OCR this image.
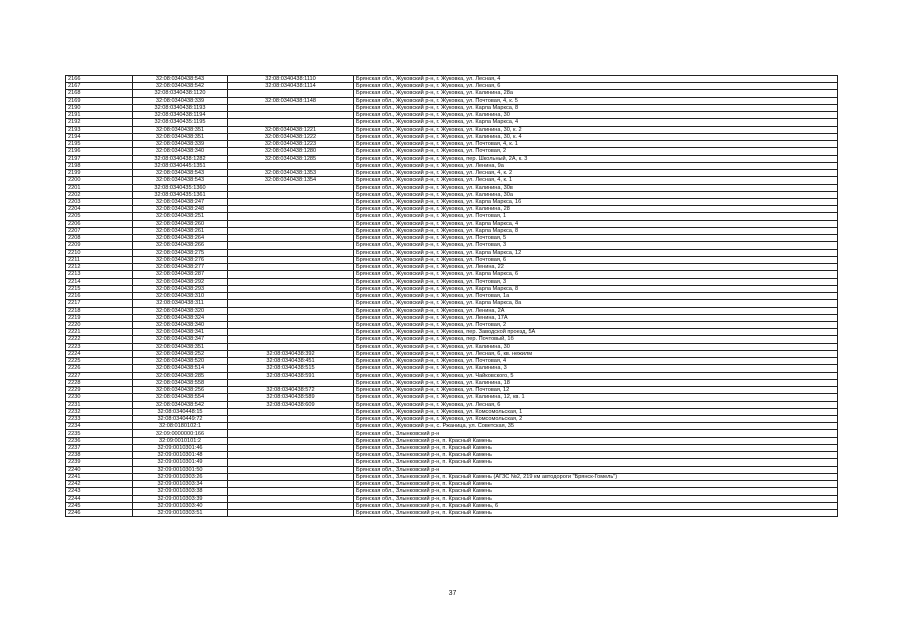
2166	32:08:0340438:543	32:08:0340438:1110	Брянская обл., Жуковский р-н, г. Жуковка, ул. Лесная, 4
2167	32:08:0340438:542	32:08:0340438:1114	Брянская обл., Жуковский р-н, г. Жуковка, ул. Лесная, 6
2168	32:08:0340438:1120		Брянская обл., Жуковский р-н, г. Жуковка, ул. Калинина, 28а
2169	32:08:0340438:339	32:08:0340438:1148	Брянская обл., Жуковский р-н, г. Жуковка, ул. Почтовая, 4, к. 5
2190	32:08:0340438:1193		Брянская обл., Жуковский р-н, г. Жуковка, ул. Карла Маркса, 8
2191	32:08:0340438:1194		Брянская обл., Жуковский р-н, г. Жуковка, ул. Калинина, 30
2192	32:08:0340435:1195		Брянская обл., Жуковский р-н, г. Жуковка, ул. Карла Маркса, 4
2193	32:08:0340438:351	32:08:0340438:1221	Брянская обл., Жуковский р-н, г. Жуковка, ул. Калинина, 30, к. 2
2194	32:08:0340438:351	32:08:0340438:1222	Брянская обл., Жуковский р-н, г. Жуковка, ул. Калинина, 30, к. 4
2195	32:08:0340438:339	32:08:0340438:1223	Брянская обл., Жуковский р-н, г. Жуковка, ул. Почтовая, 4, к. 1
2196	32:08:0340438:340	32:08:0340438:1280	Брянская обл., Жуковский р-н, г. Жуковка, ул. Почтовая, 2
2197	32:08:0340438:1282	32:08:0340438:1285	Брянская обл., Жуковский р-н, г. Жуковка, пер. Школьный, 2А, к. 3
2198	32:08:0340445:1351		Брянская обл., Жуковский р-н, г. Жуковка, ул. Ленина, 9а
2199	32:08:0340438:543	32:08:0340438:1353	Брянская обл., Жуковский р-н, г. Жуковка, ул. Лесная, 4, к. 2
2200	32:08:0340438:543	32:08:0340438:1354	Брянская обл., Жуковский р-н, г. Жуковка, ул. Лесная, 4, к. 1
2201	32:08:0340435:1360		Брянская обл., Жуковский р-н, г. Жуковка, ул. Калинина, 30в
2202	32:08:0340435:1361		Брянская обл., Жуковский р-н, г. Жуковка, ул. Калинина, 30а
2203	32:08:0340438:247		Брянская обл., Жуковский р-н, г. Жуковка, ул. Карла Маркса, 16
2204	32:08:0340438:248		Брянская обл., Жуковский р-н, г. Жуковка, ул. Калинина, 28
2205	32:08:0340438:251		Брянская обл., Жуковский р-н, г. Жуковка, ул. Почтовая, 1
2206	32:08:0340438:260		Брянская обл., Жуковский р-н, г. Жуковка, ул. Карла Маркса, 4
2207	32:08:0340438:261		Брянская обл., Жуковский р-н, г. Жуковка, ул. Карла Маркса, 8
2208	32:08:0340438:264		Брянская обл., Жуковский р-н, г. Жуковка, ул. Почтовая, 5
2209	32:08:0340438:266		Брянская обл., Жуковский р-н, г. Жуковка, ул. Почтовая, 3
2210	32:08:0340438:275		Брянская обл., Жуковский р-н, г. Жуковка, ул. Карла Маркса, 12
2211	32:08:0340438:276		Брянская обл., Жуковский р-н, г. Жуковка, ул. Почтовая, 6
2212	32:08:0340438:277		Брянская обл., Жуковский р-н, г. Жуковка, ул. Ленина, 22
2213	32:08:0340438:287		Брянская обл., Жуковский р-н, г. Жуковка, ул. Карла Маркса, 6
2214	32:08:0340438:292		Брянская обл., Жуковский р-н, г. Жуковка, ул. Почтовая, 3
2215	32:08:0340438:293		Брянская обл., Жуковский р-н, г. Жуковка, ул. Карла Маркса, 8
2216	32:08:0340438:310		Брянская обл., Жуковский р-н, г. Жуковка, ул. Почтовая, 1а
2217	32:08:0340438:311		Брянская обл., Жуковский р-н, г. Жуковка, ул. Карла Маркса, 8а
2218	32:08:0340438:320		Брянская обл., Жуковский р-н, г. Жуковка, ул. Ленина, 2А
2219	32:08:0340438:324		Брянская обл., Жуковский р-н, г. Жуковка, ул. Ленина, 17А
2220	32:08:0340438:340		Брянская обл., Жуковский р-н, г. Жуковка, ул. Почтовая, 2
2221	32:08:0340438:341		Брянская обл., Жуковский р-н, г. Жуковка, пер. Заводской проезд, 5А
2222	32:08:0340438:347		Брянская обл., Жуковский р-н, г. Жуковка, пер. Почтовый, 1б
2223	32:08:0340438:351		Брянская обл., Жуковский р-н, г. Жуковка, ул. Калинина, 30
2224	32:08:0340438:252	32:08:0340438:392	Брянская обл., Жуковский р-н, г. Жуковка, ул. Лесная, 6, кв. нежилм
2225	32:08:0340438:520	32:08:0340438:451	Брянская обл., Жуковский р-н, г. Жуковка, ул. Почтовая, 4
2226	32:08:0340438:514	32:08:0340438:515	Брянская обл., Жуковский р-н, г. Жуковка, ул. Калинина, 3
2227	32:08:0340438:285	32:08:0340438:591	Брянская обл., Жуковский р-н, г. Жуковка, ул. Чайковского, 5
2228	32:08:0340438:558		Брянская обл., Жуковский р-н, г. Жуковка, ул. Калинина, 18
2229	32:08:0340438:256	32:08:0340438:572	Брянская обл., Жуковский р-н, г. Жуковка, ул. Почтовая, 12
2230	32:08:0340438:554	32:08:0340438:589	Брянская обл., Жуковский р-н, г. Жуковка, ул. Калинина, 12, кв. 1
2231	32:08:0340438:542	32:08:0340438:609	Брянская обл., Жуковский р-н, г. Жуковка, ул. Лесная, 6
2232	32:08:0340448:15		Брянская обл., Жуковский р-н, г. Жуковка, ул. Комсомольская, 1
2233	32:08:0340449:72		Брянская обл., Жуковский р-н, г. Жуковка, ул. Комсомольская, 2
2234	32:08:0180102:1		Брянская обл., Жуковский р-н, с. Ржаница, ул. Советская, 35
2235	32:09:0000000:166		Брянская обл., Злынковский р-н
2236	32:09:0010101:2		Брянская обл., Злынковский р-н, п. Красный Камень
2237	32:09:0010301:46		Брянская обл., Злынковский р-н, п. Красный Камень
2238	32:09:0010301:48		Брянская обл., Злынковский р-н, п. Красный Камень
2239	32:09:0010301:49		Брянская обл., Злынковский р-н, п. Красный Камень
2240	32:09:0010301:50		Брянская обл., Злынковский р-н
2241	32:09:0010303:26		Брянская обл., Злынковский р-н, п. Красный Камень (АГЗС №2, 219 км автодороги "Брянск-Гомель")
2242	32:09:0010303:34		Брянская обл., Злынковский р-н, п. Красный Камень
2243	32:09:0010303:38		Брянская обл., Злынковский р-н, п. Красный Камень
2244	32:09:0010303:39		Брянская обл., Злынковский р-н, п. Красный Камень
2245	32:09:0010303:40		Брянская обл., Злынковский р-н, п. Красный Камень, 6
2246	32:09:0010303:51		Брянская обл., Злынковский р-н, п. Красный Камень
37
